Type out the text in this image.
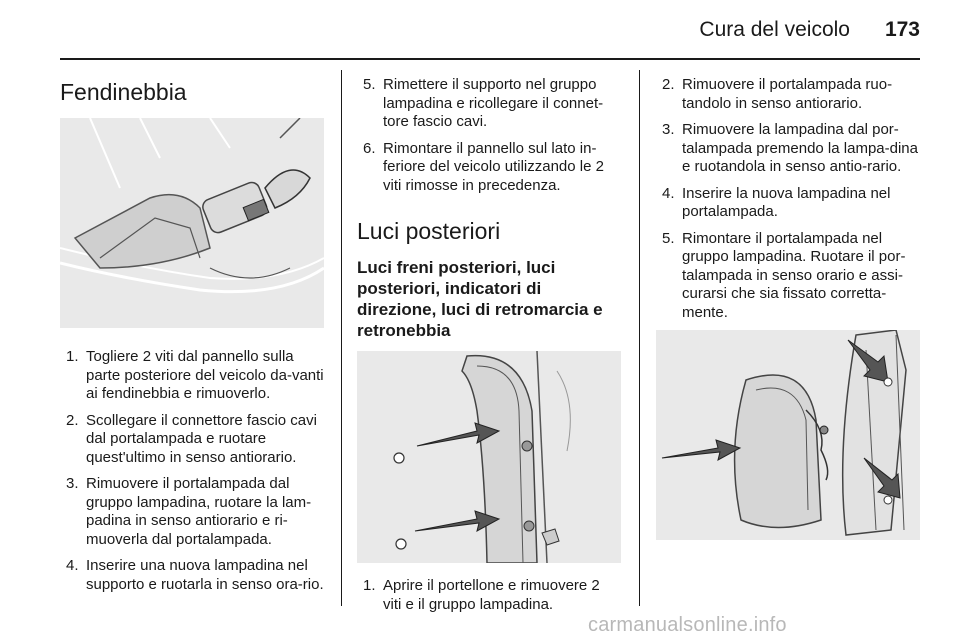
Cura del veicolo	173
Fendinebbia
1. Togliere 2 viti dal pannello sulla parte posteriore del veicolo da-vanti ai fendinebbia e rimuoverlo.
2. Scollegare il connettore fascio cavi dal portalampada e ruotare quest'ultimo in senso antiorario.
3. Rimuovere il portalampada dal gruppo lampadina, ruotare la lam-padina in senso antiorario e ri-muoverla dal portalampada.
4. Inserire una nuova lampadina nel supporto e ruotarla in senso ora-rio.
5. Rimettere il supporto nel gruppo lampadina e ricollegare il connet-tore fascio cavi.
6. Rimontare il pannello sul lato in-feriore del veicolo utilizzando le 2 viti rimosse in precedenza.
Luci posteriori
Luci freni posteriori, luci posteriori, indicatori di direzione, luci di retromarcia e retronebbia
1. Aprire il portellone e rimuovere 2 viti e il gruppo lampadina.
2. Rimuovere il portalampada ruo-tandolo in senso antiorario.
3. Rimuovere la lampadina dal por-talampada premendo la lampa-dina e ruotandola in senso antio-rario.
4. Inserire la nuova lampadina nel portalampada.
5. Rimontare il portalampada nel gruppo lampadina. Ruotare il por-talampada in senso orario e assi-curarsi che sia fissato corretta-mente.
carmanualsonline.info
